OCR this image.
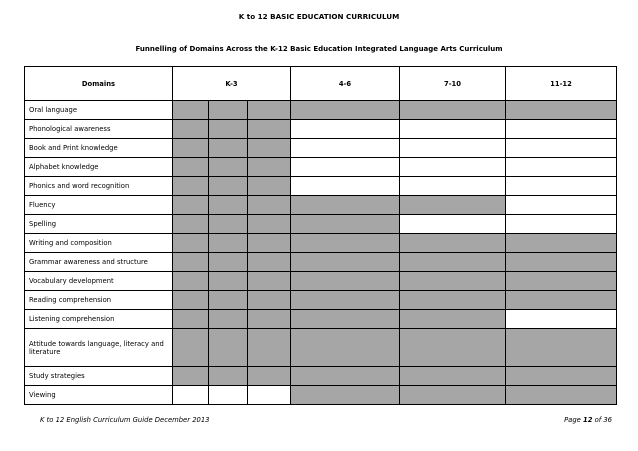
K to 12 BASIC EDUCATION CURRICULUM
Funnelling of Domains Across the K-12 Basic Education Integrated Language Arts Curriculum
Domains	K-3			4-6	7-10	11-12
Oral language						
Phonological awareness						
Book and Print knowledge						
Alphabet knowledge						
Phonics and word recognition						
Fluency						
Spelling						
Writing and composition						
Grammar awareness and structure						
Vocabulary development						
Reading comprehension						
Listening comprehension						
Attitude towards language, literacy and literature						
Study strategies						
Viewing						
K to 12 English Curriculum Guide December 2013	Page 12 of 36
